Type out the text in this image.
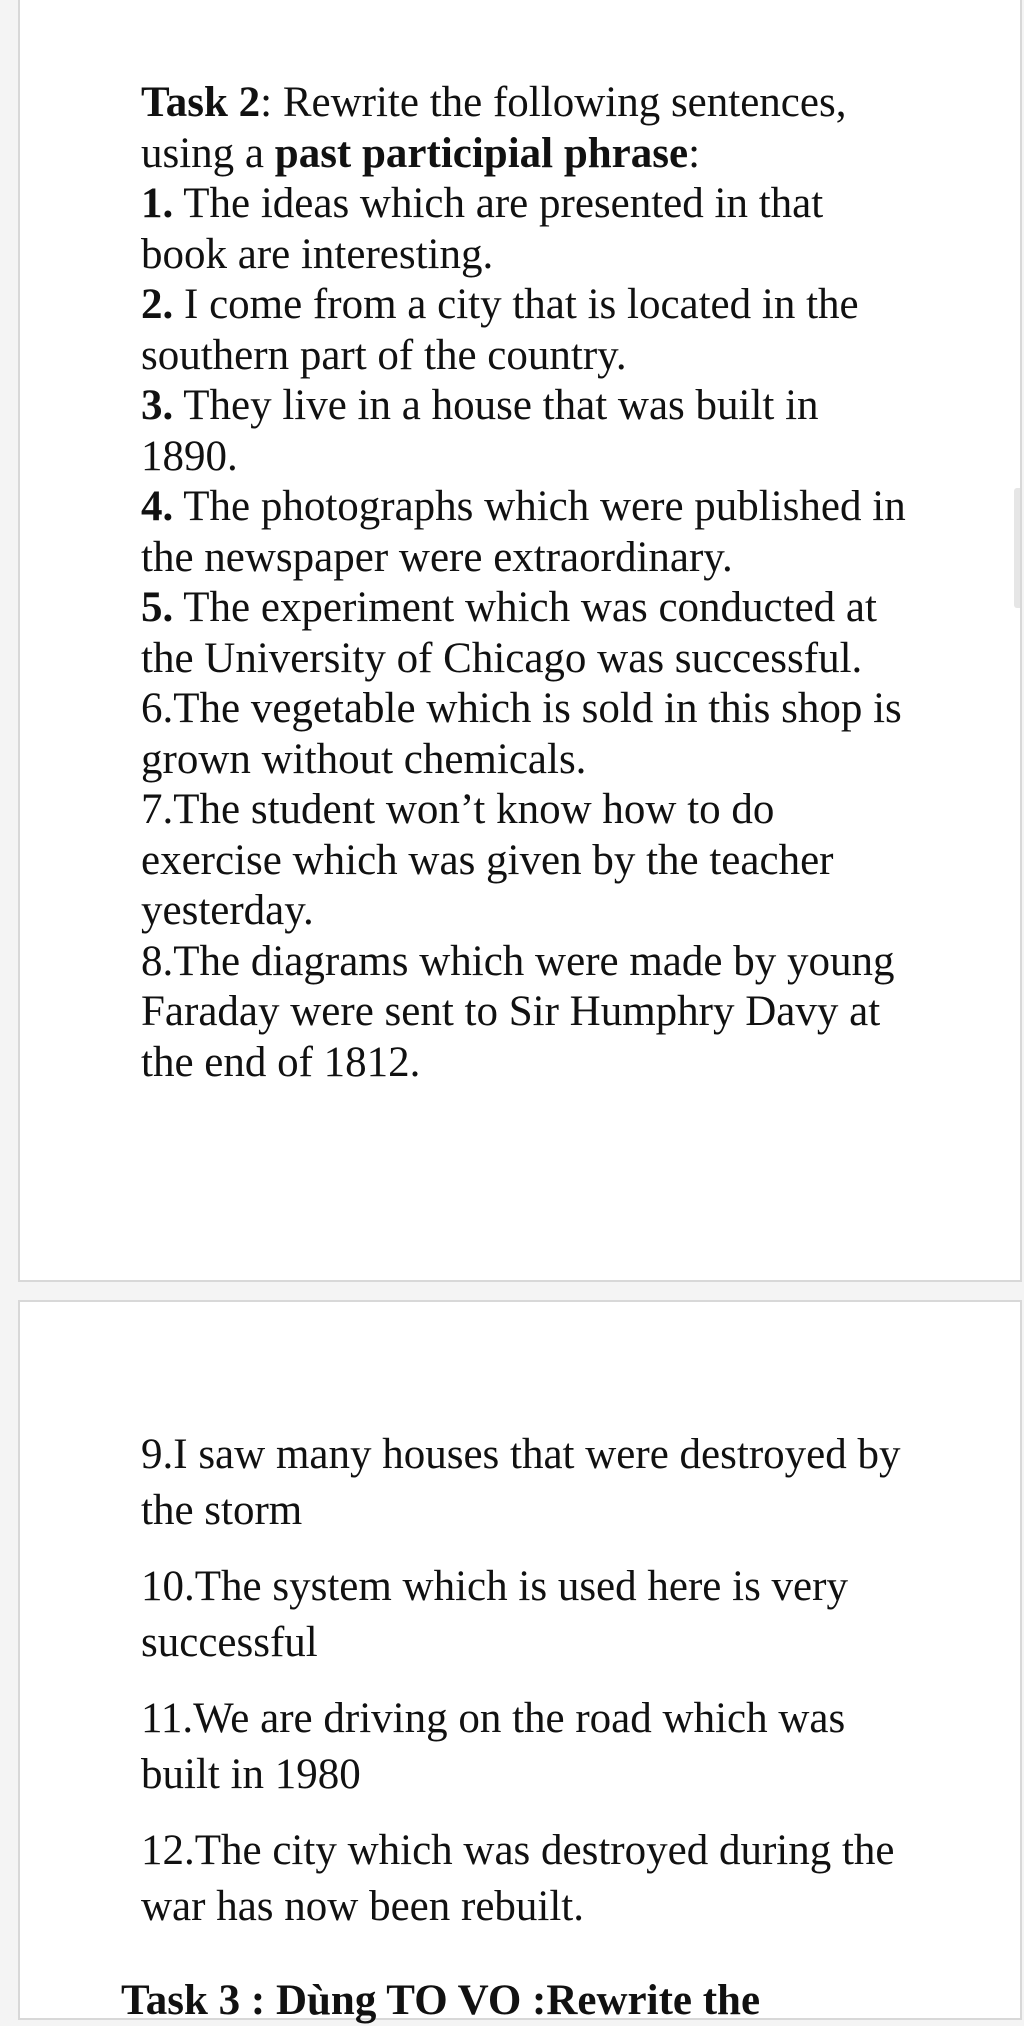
Task 2: Rewrite the following sentences,

using a past participial phrase:

1. The ideas which are presented in that

book are interesting.

2. I come from a city that is located in the

southern part of the country.

3. They live in a house that was built in

1890.

4. The photographs which were published in

the newspaper were extraordinary.

5. The experiment which was conducted at

the University of Chicago was successful.

6.The vegetable which is sold in this shop is

grown without chemicals.

7.The student won’t know how to do

exercise which was given by the teacher

yesterday.

8.The diagrams which were made by young

Faraday were sent to Sir Humphry Davy at

the end of 1812.

9.I saw many houses that were destroyed by
the storm
10.The system which is used here is very
successful
11.We are driving on the road which was
built in 1980
12.The city which was destroyed during the
war has now been rebuilt.
Task 3 : Dùng TO VO :Rewrite the
